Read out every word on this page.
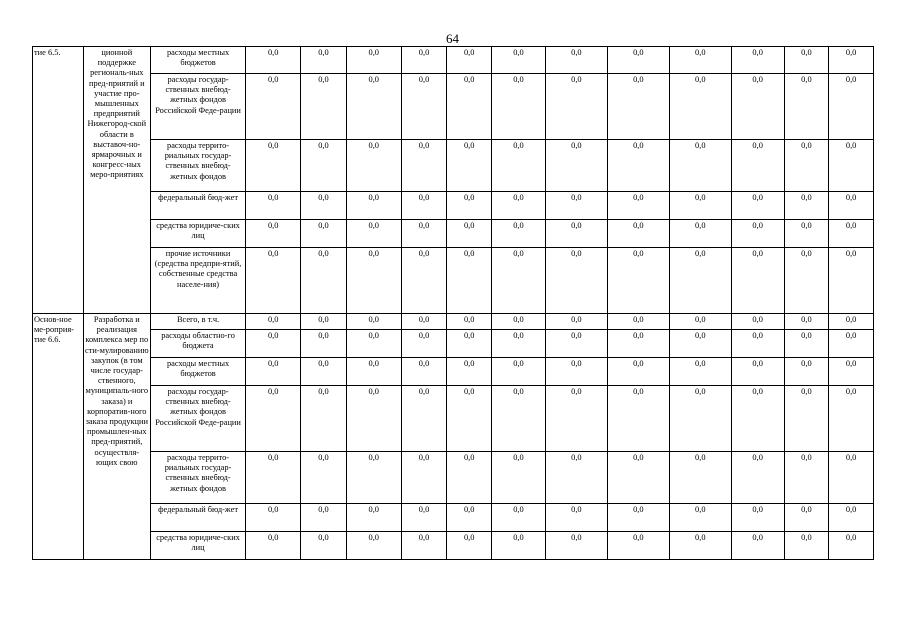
64
тие 6.5.	ционной поддержке региональ-ных пред-приятий и участие про-мышленных предприятий Нижегород-ской области в выставоч-но-ярмарочных и конгресс-ных меро-приятиях	расходы местных бюджетов	0,0	0,0	0,0	0,0	0,0	0,0	0,0	0,0	0,0	0,0	0,0	0,0
		расходы государ-ственных внебюд-жетных фондов Российской Феде-рации	0,0	0,0	0,0	0,0	0,0	0,0	0,0	0,0	0,0	0,0	0,0	0,0
		расходы террито-риальных государ-ственных внебюд-жетных фондов	0,0	0,0	0,0	0,0	0,0	0,0	0,0	0,0	0,0	0,0	0,0	0,0
		федеральный бюд-жет	0,0	0,0	0,0	0,0	0,0	0,0	0,0	0,0	0,0	0,0	0,0	0,0
		средства юридиче-ских лиц	0,0	0,0	0,0	0,0	0,0	0,0	0,0	0,0	0,0	0,0	0,0	0,0
		прочие источники (средства предпри-ятий, собственные средства населе-ния)	0,0	0,0	0,0	0,0	0,0	0,0	0,0	0,0	0,0	0,0	0,0	0,0
Основ-ное ме-роприя-тие 6.6.	Разработка и реализация комплекса мер по сти-мулированию закупок (в том числе государ-ственного, муниципаль-ного заказа) и корпоратив-ного заказа продукции промышлен-ных пред-приятий, осуществля-ющих свою	Всего, в т.ч.	0,0	0,0	0,0	0,0	0,0	0,0	0,0	0,0	0,0	0,0	0,0	0,0
		расходы областно-го бюджета	0,0	0,0	0,0	0,0	0,0	0,0	0,0	0,0	0,0	0,0	0,0	0,0
		расходы местных бюджетов	0,0	0,0	0,0	0,0	0,0	0,0	0,0	0,0	0,0	0,0	0,0	0,0
		расходы государ-ственных внебюд-жетных фондов Российской Феде-рации	0,0	0,0	0,0	0,0	0,0	0,0	0,0	0,0	0,0	0,0	0,0	0,0
		расходы террито-риальных государ-ственных внебюд-жетных фондов	0,0	0,0	0,0	0,0	0,0	0,0	0,0	0,0	0,0	0,0	0,0	0,0
		федеральный бюд-жет	0,0	0,0	0,0	0,0	0,0	0,0	0,0	0,0	0,0	0,0	0,0	0,0
		средства юридиче-ских лиц	0,0	0,0	0,0	0,0	0,0	0,0	0,0	0,0	0,0	0,0	0,0	0,0
